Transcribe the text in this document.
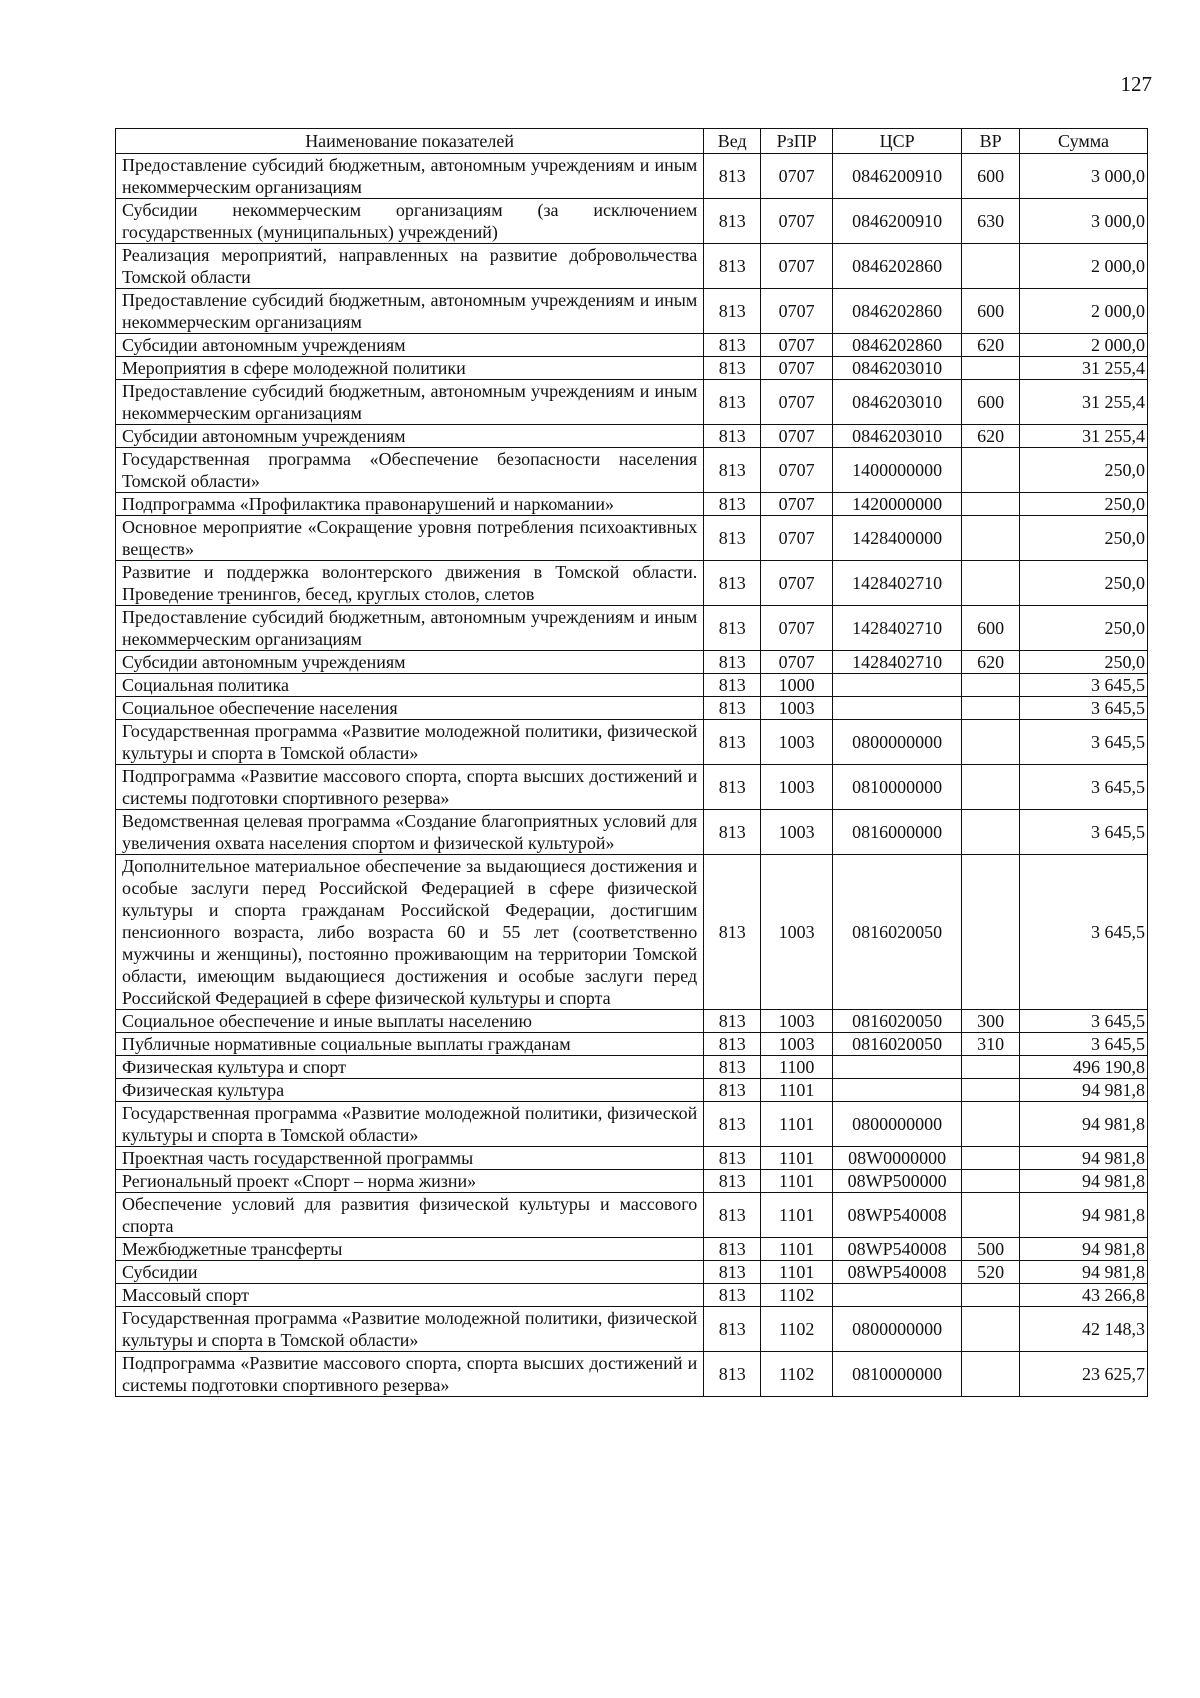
127
Наименование показателей	Вед	РзПР	ЦСР	ВР	Сумма
Предоставление субсидий бюджетным, автономным учреждениям и иным некоммерческим организациям	813	0707	0846200910	600	3 000,0
Субсидии некоммерческим организациям (за исключением государственных (муниципальных) учреждений)	813	0707	0846200910	630	3 000,0
Реализация мероприятий, направленных на развитие добровольчества Томской области	813	0707	0846202860		2 000,0
Предоставление субсидий бюджетным, автономным учреждениям и иным некоммерческим организациям	813	0707	0846202860	600	2 000,0
Субсидии автономным учреждениям	813	0707	0846202860	620	2 000,0
Мероприятия в сфере молодежной политики	813	0707	0846203010		31 255,4
Предоставление субсидий бюджетным, автономным учреждениям и иным некоммерческим организациям	813	0707	0846203010	600	31 255,4
Субсидии автономным учреждениям	813	0707	0846203010	620	31 255,4
Государственная программа «Обеспечение безопасности населения Томской области»	813	0707	1400000000		250,0
Подпрограмма «Профилактика правонарушений и наркомании»	813	0707	1420000000		250,0
Основное мероприятие «Сокращение уровня потребления психоактивных веществ»	813	0707	1428400000		250,0
Развитие и поддержка волонтерского движения в Томской области. Проведение тренингов, бесед, круглых столов, слетов	813	0707	1428402710		250,0
Предоставление субсидий бюджетным, автономным учреждениям и иным некоммерческим организациям	813	0707	1428402710	600	250,0
Субсидии автономным учреждениям	813	0707	1428402710	620	250,0
Социальная политика	813	1000			3 645,5
Социальное обеспечение населения	813	1003			3 645,5
Государственная программа «Развитие молодежной политики, физической культуры и спорта в Томской области»	813	1003	0800000000		3 645,5
Подпрограмма «Развитие массового спорта, спорта высших достижений и системы подготовки спортивного резерва»	813	1003	0810000000		3 645,5
Ведомственная целевая программа «Создание благоприятных условий для увеличения охвата населения спортом и физической культурой»	813	1003	0816000000		3 645,5
Дополнительное материальное обеспечение за выдающиеся достижения и особые заслуги перед Российской Федерацией в сфере физической культуры и спорта гражданам Российской Федерации, достигшим пенсионного возраста, либо возраста 60 и 55 лет (соответственно мужчины и женщины), постоянно проживающим на территории Томской области, имеющим выдающиеся достижения и особые заслуги перед Российской Федерацией в сфере физической культуры и спорта	813	1003	0816020050		3 645,5
Социальное обеспечение и иные выплаты населению	813	1003	0816020050	300	3 645,5
Публичные нормативные социальные выплаты гражданам	813	1003	0816020050	310	3 645,5
Физическая культура и спорт	813	1100			496 190,8
Физическая культура	813	1101			94 981,8
Государственная программа «Развитие молодежной политики, физической культуры и спорта в Томской области»	813	1101	0800000000		94 981,8
Проектная часть государственной программы	813	1101	08W0000000		94 981,8
Региональный проект «Спорт – норма жизни»	813	1101	08WP500000		94 981,8
Обеспечение условий для развития физической культуры и массового спорта	813	1101	08WP540008		94 981,8
Межбюджетные трансферты	813	1101	08WP540008	500	94 981,8
Субсидии	813	1101	08WP540008	520	94 981,8
Массовый спорт	813	1102			43 266,8
Государственная программа «Развитие молодежной политики, физической культуры и спорта в Томской области»	813	1102	0800000000		42 148,3
Подпрограмма «Развитие массового спорта, спорта высших достижений и системы подготовки спортивного резерва»	813	1102	0810000000		23 625,7
